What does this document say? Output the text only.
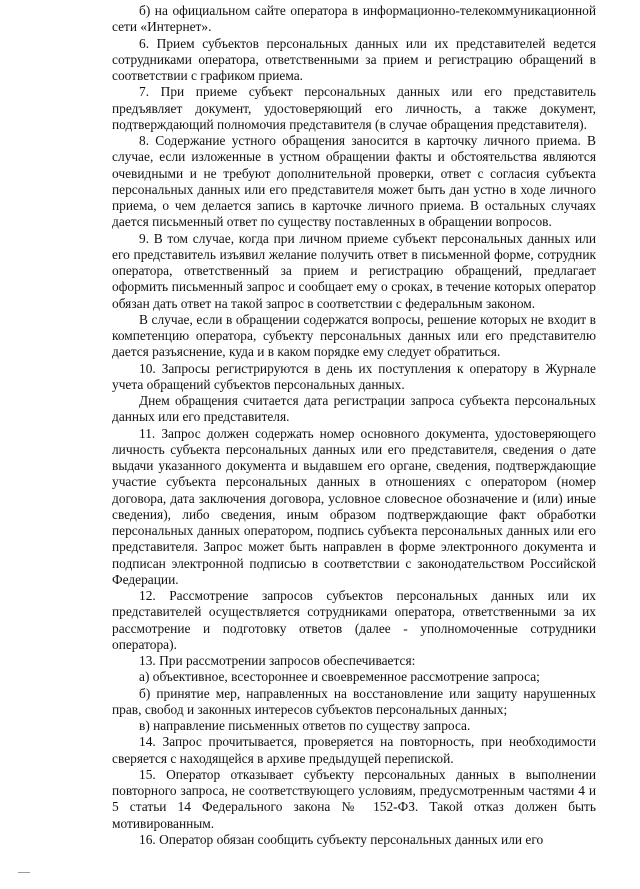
б) на официальном сайте оператора в информационно-телекоммуникационной сети «Интернет».

6. Прием субъектов персональных данных или их представителей ведется сотрудниками оператора, ответственными за прием и регистрацию обращений в соответствии с графиком приема.

7. При приеме субъект персональных данных или его представитель предъявляет документ, удостоверяющий его личность, а также документ, подтверждающий полномочия представителя (в случае обращения представителя).

8. Содержание устного обращения заносится в карточку личного приема. В случае, если изложенные в устном обращении факты и обстоятельства являются очевидными и не требуют дополнительной проверки, ответ с согласия субъекта персональных данных или его представителя может быть дан устно в ходе личного приема, о чем делается запись в карточке личного приема. В остальных случаях дается письменный ответ по существу поставленных в обращении вопросов.

9. В том случае, когда при личном приеме субъект персональных данных или его представитель изъявил желание получить ответ в письменной форме, сотрудник оператора, ответственный за прием и регистрацию обращений, предлагает оформить письменный запрос и сообщает ему о сроках, в течение которых оператор обязан дать ответ на такой запрос в соответствии с федеральным законом.

В случае, если в обращении содержатся вопросы, решение которых не входит в компетенцию оператора, субъекту персональных данных или его представителю дается разъяснение, куда и в каком порядке ему следует обратиться.

10. Запросы регистрируются в день их поступления к оператору в Журнале учета обращений субъектов персональных данных.

Днем обращения считается дата регистрации запроса субъекта персональных данных или его представителя.

11. Запрос должен содержать номер основного документа, удостоверяющего личность субъекта персональных данных или его представителя, сведения о дате выдачи указанного документа и выдавшем его органе, сведения, подтверждающие участие субъекта персональных данных в отношениях с оператором (номер договора, дата заключения договора, условное словесное обозначение и (или) иные сведения), либо сведения, иным образом подтверждающие факт обработки персональных данных оператором, подпись субъекта персональных данных или его представителя. Запрос может быть направлен в форме электронного документа и подписан электронной подписью в соответствии с законодательством Российской Федерации.

12. Рассмотрение запросов субъектов персональных данных или их представителей осуществляется сотрудниками оператора, ответственными за их рассмотрение и подготовку ответов (далее - уполномоченные сотрудники оператора).

13. При рассмотрении запросов обеспечивается:

а) объективное, всестороннее и своевременное рассмотрение запроса;

б) принятие мер, направленных на восстановление или защиту нарушенных прав, свобод и законных интересов субъектов персональных данных;

в) направление письменных ответов по существу запроса.

14. Запрос прочитывается, проверяется на повторность, при необходимости сверяется с находящейся в архиве предыдущей перепиской.

15. Оператор отказывает субъекту персональных данных в выполнении повторного запроса, не соответствующего условиям, предусмотренным частями 4 и 5 статьи 14 Федерального закона № 152-ФЗ. Такой отказ должен быть мотивированным.

16. Оператор обязан сообщить субъекту персональных данных или его
